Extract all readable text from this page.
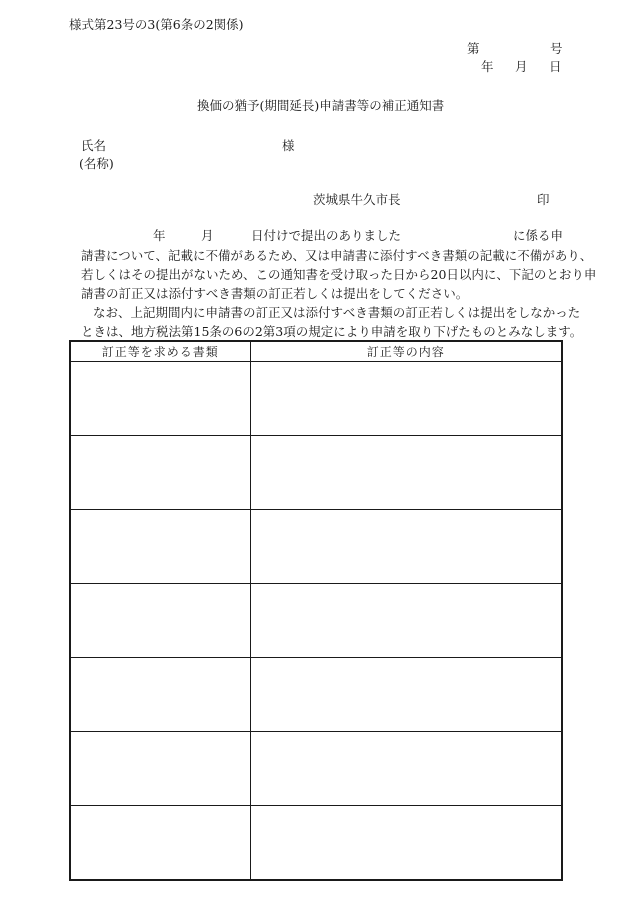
様式第23号の3(第6条の2関係)
第	号
年 月 日
換価の猶予(期間延長)申請書等の補正通知書
氏名	様
(名称)
茨城県牛久市長	印
年	月	日付けで提出のありました	に係る申
請書について、記載に不備があるため、又は申請書に添付すべき書類の記載に不備があり、
若しくはその提出がないため、この通知書を受け取った日から20日以内に、下記のとおり申
請書の訂正又は添付すべき書類の訂正若しくは提出をしてください。
なお、上記期間内に申請書の訂正又は添付すべき書類の訂正若しくは提出をしなかった
ときは、地方税法第15条の6の2第3項の規定により申請を取り下げたものとみなします。
訂正等を求める書類	訂正等の内容
